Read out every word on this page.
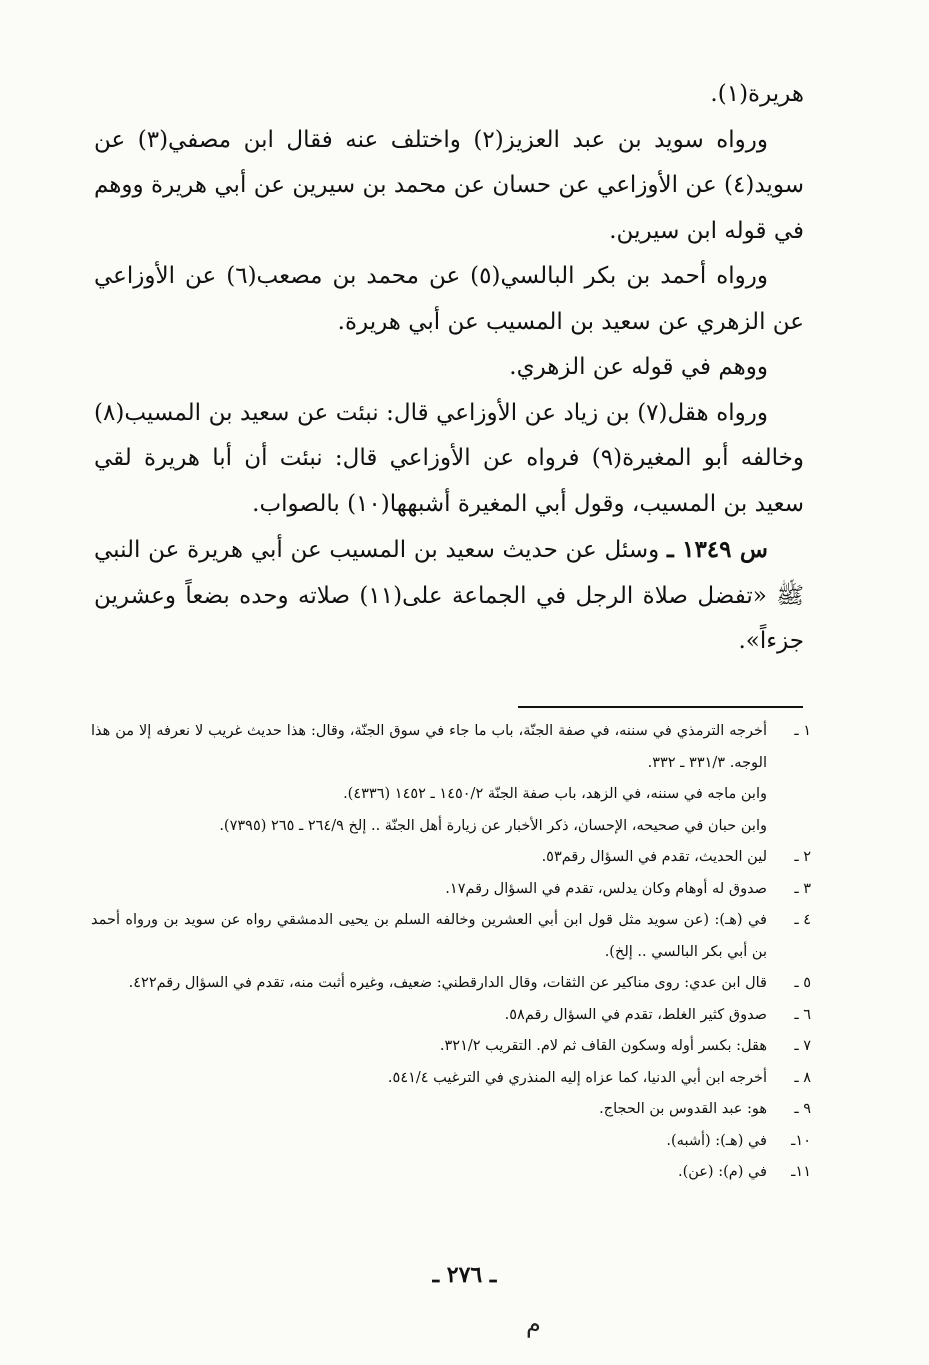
هريرة(١).

ورواه سويد بن عبد العزيز(٢) واختلف عنه فقال ابن مصفي(٣) عن سويد(٤) عن الأوزاعي عن حسان عن محمد بن سيرين عن أبي هريرة ووهم في قوله ابن سيرين.

ورواه أحمد بن بكر البالسي(٥) عن محمد بن مصعب(٦) عن الأوزاعي عن الزهري عن سعيد بن المسيب عن أبي هريرة.

ووهم في قوله عن الزهري.

ورواه هقل(٧) بن زياد عن الأوزاعي قال: نبئت عن سعيد بن المسيب(٨) وخالفه أبو المغيرة(٩) فرواه عن الأوزاعي قال: نبئت أن أبا هريرة لقي سعيد بن المسيب، وقول أبي المغيرة أشبهها(١٠) بالصواب.

س ١٣٤٩ ـ وسئل عن حديث سعيد بن المسيب عن أبي هريرة عن النبي ﷺ «تفضل صلاة الرجل في الجماعة على(١١) صلاته وحده بضعاً وعشرين جزءاً».

١ ـ
أخرجه الترمذي في سننه، في صفة الجنّة، باب ما جاء في سوق الجنّة، وقال: هذا حديث غريب لا نعرفه إلا من هذا الوجه. ٣٣١/٣ ـ ٣٣٢.
وابن ماجه في سننه، في الزهد، باب صفة الجنّة ١٤٥٠/٢ ـ ١٤٥٢ (٤٣٣٦).
وابن حبان في صحيحه، الإحسان، ذكر الأخبار عن زيارة أهل الجنّة .. إلخ ٢٦٤/٩ ـ ٢٦٥ (٧٣٩٥).
٢ ـ
لين الحديث، تقدم في السؤال رقم٥٣.
٣ ـ
صدوق له أوهام وكان يدلس، تقدم في السؤال رقم١٧.
٤ ـ
في (هـ): (عن سويد مثل قول ابن أبي العشرين وخالفه السلم بن يحيى الدمشقي رواه عن سويد بن ورواه أحمد بن أبي بكر البالسي .. إلخ).
٥ ـ
قال ابن عدي: روى مناكير عن الثقات، وقال الدارقطني: ضعيف، وغيره أثبت منه، تقدم في السؤال رقم٤٢٢.
٦ ـ
صدوق كثير الغلط، تقدم في السؤال رقم٥٨.
٧ ـ
هقل: بكسر أوله وسكون القاف ثم لام. التقريب ٣٢١/٢.
٨ ـ
أخرجه ابن أبي الدنيا، كما عزاه إليه المنذري في الترغيب ٥٤١/٤.
٩ ـ
هو: عبد القدوس بن الحجاج.
١٠ـ
في (هـ): (أشبه).
١١ـ
في (م): (عن).
ـ ٢٧٦ ـ
م
